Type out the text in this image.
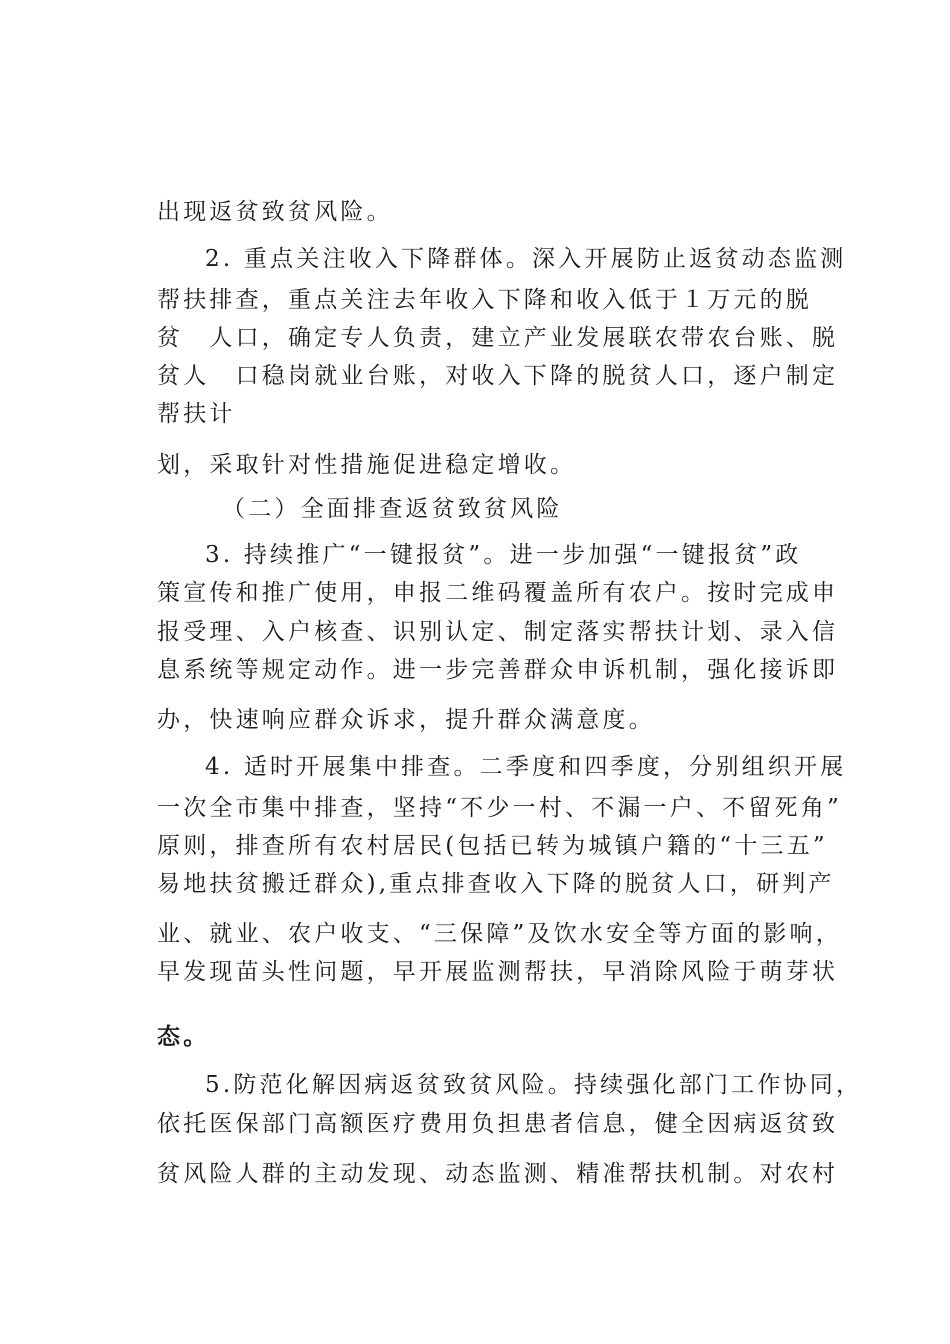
出现返贫致贫风险。
2. 重点关注收入下降群体。深入开展防止返贫动态监测
帮扶排查，重点关注去年收入下降和收入低于１万元的脱
贫　人口，确定专人负责，建立产业发展联农带农台账、脱
贫人　口稳岗就业台账，对收入下降的脱贫人口，逐户制定
帮扶计
划，采取针对性措施促进稳定增收。
（二）全面排查返贫致贫风险
3. 持续推广“一键报贫”。进一步加强“一键报贫”政
策宣传和推广使用，申报二维码覆盖所有农户。按时完成申
报受理、入户核查、识别认定、制定落实帮扶计划、录入信
息系统等规定动作。进一步完善群众申诉机制，强化接诉即
办，快速响应群众诉求，提升群众满意度。
4. 适时开展集中排查。二季度和四季度，分别组织开展
一次全市集中排查，坚持“不少一村、不漏一户、不留死角”
原则，排查所有农村居民(包括已转为城镇户籍的“十三五”
易地扶贫搬迁群众),重点排查收入下降的脱贫人口，研判产
业、就业、农户收支、“三保障”及饮水安全等方面的影响，
早发现苗头性问题，早开展监测帮扶，早消除风险于萌芽状
态。
5.防范化解因病返贫致贫风险。持续强化部门工作协同，
依托医保部门高额医疗费用负担患者信息，健全因病返贫致
贫风险人群的主动发现、动态监测、精准帮扶机制。对农村
